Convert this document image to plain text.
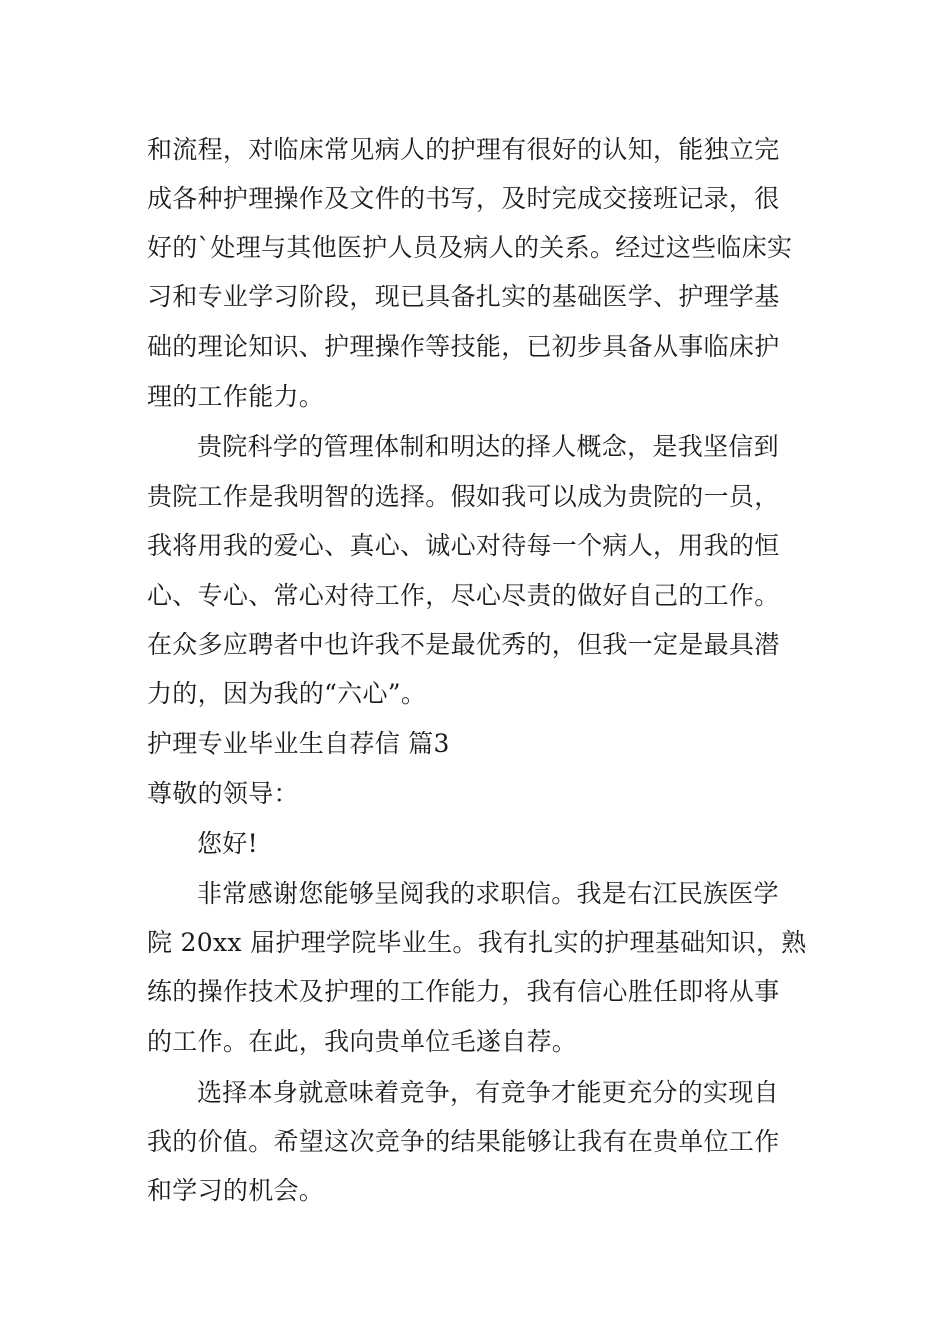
和流程，对临床常见病人的护理有很好的认知，能独立完
成各种护理操作及文件的书写，及时完成交接班记录，很
好的`处理与其他医护人员及病人的关系。经过这些临床实
习和专业学习阶段，现已具备扎实的基础医学、护理学基
础的理论知识、护理操作等技能，已初步具备从事临床护
理的工作能力。
贵院科学的管理体制和明达的择人概念，是我坚信到
贵院工作是我明智的选择。假如我可以成为贵院的一员，
我将用我的爱心、真心、诚心对待每一个病人，用我的恒
心、专心、常心对待工作，尽心尽责的做好自己的工作。
在众多应聘者中也许我不是最优秀的，但我一定是最具潜
力的，因为我的“六心”。
护理专业毕业生自荐信 篇3
尊敬的领导：
您好!
非常感谢您能够呈阅我的求职信。我是右江民族医学
院 20xx 届护理学院毕业生。我有扎实的护理基础知识，熟
练的操作技术及护理的工作能力，我有信心胜任即将从事
的工作。在此，我向贵单位毛遂自荐。
选择本身就意味着竞争，有竞争才能更充分的实现自
我的价值。希望这次竞争的结果能够让我有在贵单位工作
和学习的机会。
